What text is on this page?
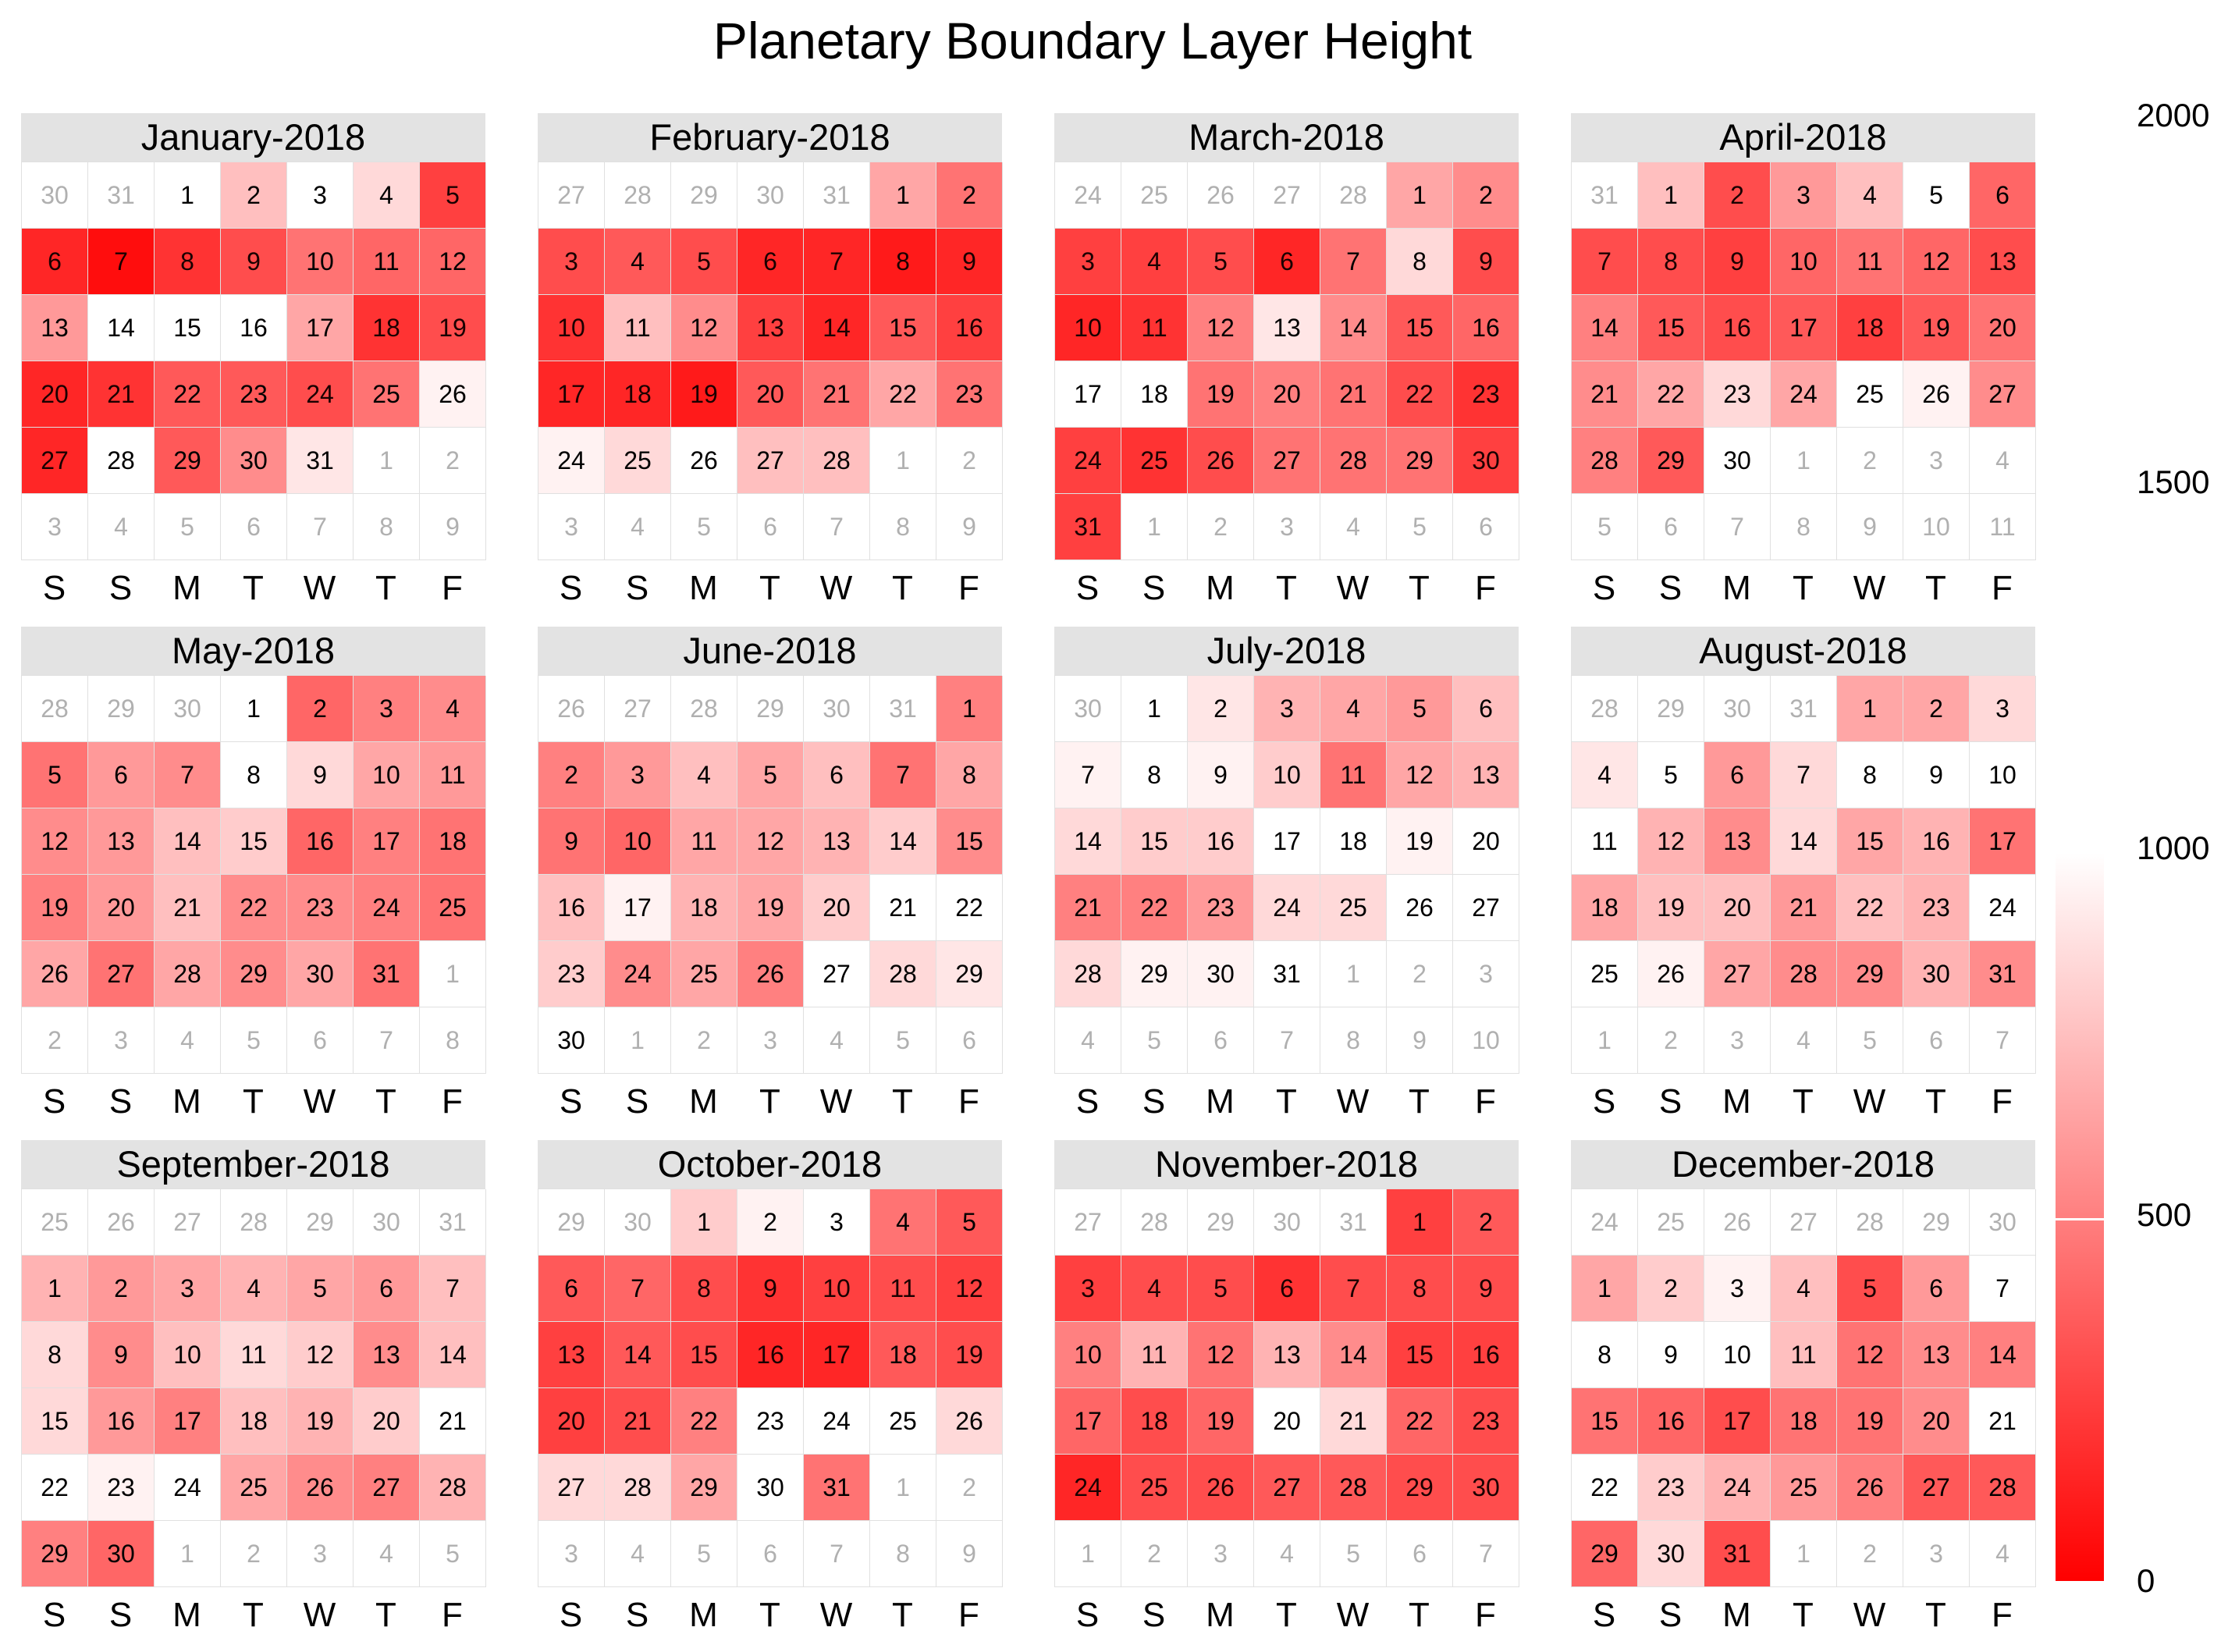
Planetary Boundary Layer Height
January-2018
30	31	1	2	3	4	5
6	7	8	9	10	11	12
13	14	15	16	17	18	19
20	21	22	23	24	25	26
27	28	29	30	31	1	2
3	4	5	6	7	8	9
S	S	M	T	W	T	F
February-2018
27	28	29	30	31	1	2
3	4	5	6	7	8	9
10	11	12	13	14	15	16
17	18	19	20	21	22	23
24	25	26	27	28	1	2
3	4	5	6	7	8	9
S	S	M	T	W	T	F
March-2018
24	25	26	27	28	1	2
3	4	5	6	7	8	9
10	11	12	13	14	15	16
17	18	19	20	21	22	23
24	25	26	27	28	29	30
31	1	2	3	4	5	6
S	S	M	T	W	T	F
April-2018
31	1	2	3	4	5	6
7	8	9	10	11	12	13
14	15	16	17	18	19	20
21	22	23	24	25	26	27
28	29	30	1	2	3	4
5	6	7	8	9	10	11
S	S	M	T	W	T	F
May-2018
28	29	30	1	2	3	4
5	6	7	8	9	10	11
12	13	14	15	16	17	18
19	20	21	22	23	24	25
26	27	28	29	30	31	1
2	3	4	5	6	7	8
S	S	M	T	W	T	F
June-2018
26	27	28	29	30	31	1
2	3	4	5	6	7	8
9	10	11	12	13	14	15
16	17	18	19	20	21	22
23	24	25	26	27	28	29
30	1	2	3	4	5	6
S	S	M	T	W	T	F
July-2018
30	1	2	3	4	5	6
7	8	9	10	11	12	13
14	15	16	17	18	19	20
21	22	23	24	25	26	27
28	29	30	31	1	2	3
4	5	6	7	8	9	10
S	S	M	T	W	T	F
August-2018
28	29	30	31	1	2	3
4	5	6	7	8	9	10
11	12	13	14	15	16	17
18	19	20	21	22	23	24
25	26	27	28	29	30	31
1	2	3	4	5	6	7
S	S	M	T	W	T	F
September-2018
25	26	27	28	29	30	31
1	2	3	4	5	6	7
8	9	10	11	12	13	14
15	16	17	18	19	20	21
22	23	24	25	26	27	28
29	30	1	2	3	4	5
S	S	M	T	W	T	F
October-2018
29	30	1	2	3	4	5
6	7	8	9	10	11	12
13	14	15	16	17	18	19
20	21	22	23	24	25	26
27	28	29	30	31	1	2
3	4	5	6	7	8	9
S	S	M	T	W	T	F
November-2018
27	28	29	30	31	1	2
3	4	5	6	7	8	9
10	11	12	13	14	15	16
17	18	19	20	21	22	23
24	25	26	27	28	29	30
1	2	3	4	5	6	7
S	S	M	T	W	T	F
December-2018
24	25	26	27	28	29	30
1	2	3	4	5	6	7
8	9	10	11	12	13	14
15	16	17	18	19	20	21
22	23	24	25	26	27	28
29	30	31	1	2	3	4
S	S	M	T	W	T	F
0
500
1000
1500
2000
